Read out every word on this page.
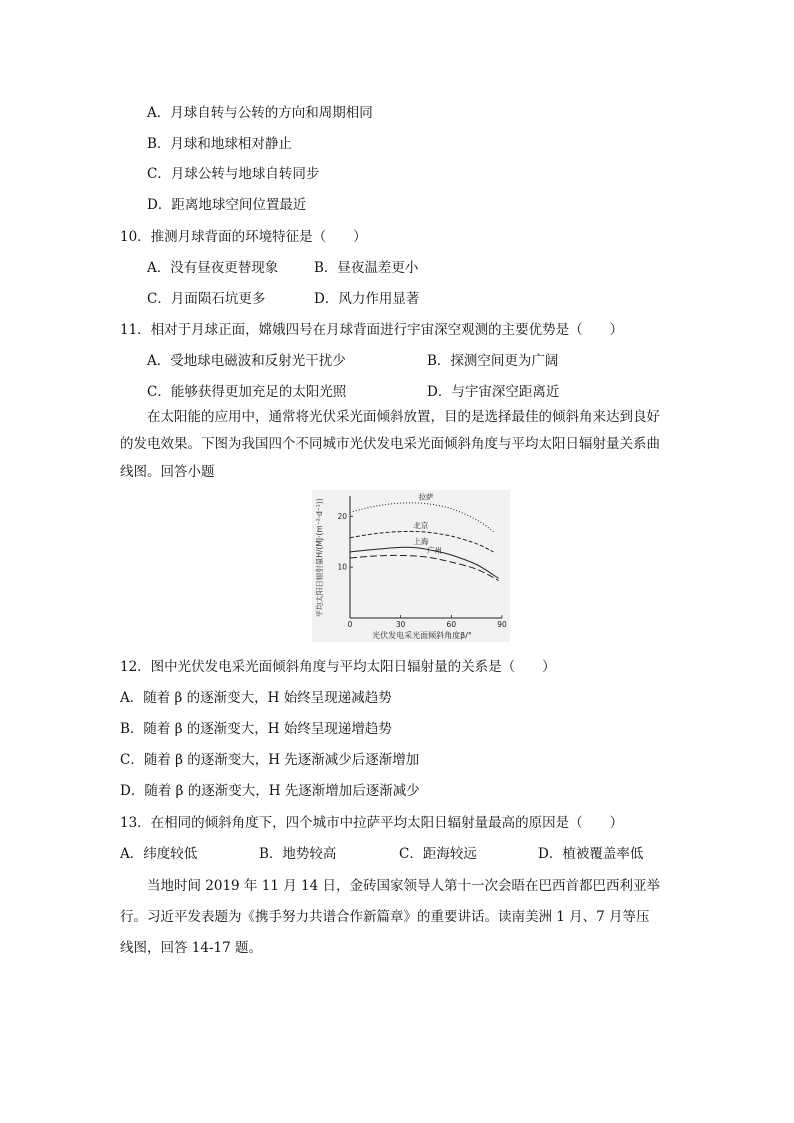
A．月球自转与公转的方向和周期相同
B．月球和地球相对静止
C．月球公转与地球自转同步
D．距离地球空间位置最近
10．推测月球背面的环境特征是（　　）
A．没有昼夜更替现象	B．昼夜温差更小
C．月面陨石坑更多	D．风力作用显著
11．相对于月球正面，嫦娥四号在月球背面进行宇宙深空观测的主要优势是（　　）
A．受地球电磁波和反射光干扰少	B．探测空间更为广阔
C．能够获得更加充足的太阳光照	D．与宇宙深空距离近
在太阳能的应用中，通常将光伏采光面倾斜放置，目的是选择最佳的倾斜角来达到良好
的发电效果。下图为我国四个不同城市光伏发电采光面倾斜角度与平均太阳日辐射量关系曲
线图。回答小题
平均太阳日辐射量H/(MJ·(m⁻²·d⁻¹))
光伏发电采光面倾斜角度β/°
0	30	60	90
10
20
拉萨
北京
上海
广州
12．图中光伏发电采光面倾斜角度与平均太阳日辐射量的关系是（　　）
A．随着 β 的逐渐变大，H 始终呈现递减趋势
B．随着 β 的逐渐变大，H 始终呈现递增趋势
C．随着 β 的逐渐变大，H 先逐渐减少后逐渐增加
D．随着 β 的逐渐变大，H 先逐渐增加后逐渐减少
13．在相同的倾斜角度下，四个城市中拉萨平均太阳日辐射量最高的原因是（　　）
A．纬度较低	B．地势较高	C．距海较远	D．植被覆盖率低
当地时间 2019 年 11 月 14 日，金砖国家领导人第十一次会晤在巴西首都巴西利亚举
行。习近平发表题为《携手努力共谱合作新篇章》的重要讲话。读南美洲 1 月、7 月等压
线图，回答 14-17 题。
